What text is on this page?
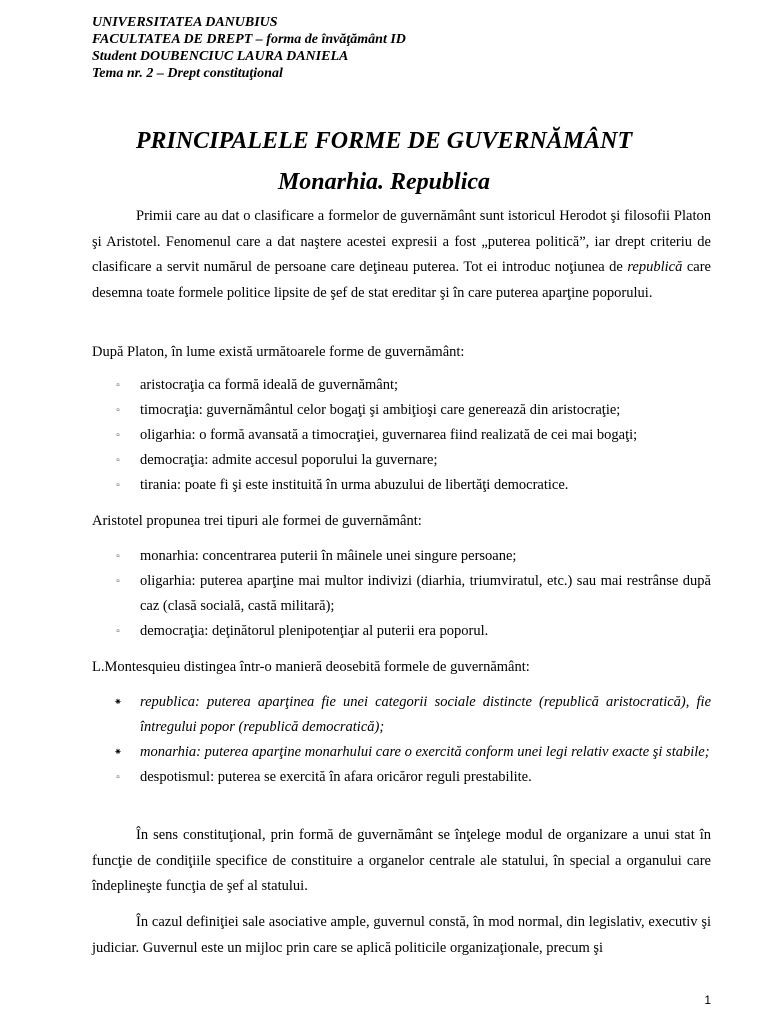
UNIVERSITATEA DANUBIUS
FACULTATEA DE DREPT – forma de învăţământ ID
Student DOUBENCIUC LAURA DANIELA
Tema nr. 2 – Drept constituţional
PRINCIPALELE FORME DE GUVERNĂMÂNT
Monarhia. Republica

Primii care au dat o clasificare a formelor de guvernământ sunt istoricul Herodot şi filosofii Platon şi Aristotel. Fenomenul care a dat naştere acestei expresii a fost „puterea politică”, iar drept criteriu de clasificare a servit numărul de persoane care deţineau puterea. Tot ei introduc noţiunea de republică care desemna toate formele politice lipsite de şef de stat ereditar şi în care puterea aparţine poporului.

După Platon, în lume există următoarele forme de guvernământ:

▫ aristocraţia ca formă ideală de guvernământ;
▫ timocraţia: guvernământul celor bogaţi şi ambiţioşi care generează din aristocraţie;
▫ oligarhia: o formă avansată a timocraţiei, guvernarea fiind realizată de cei mai bogaţi;
▫ democraţia: admite accesul poporului la guvernare;
▫ tirania: poate fi şi este instituită în urma abuzului de libertăţi democratice.

Aristotel propunea trei tipuri ale formei de guvernământ:

▫ monarhia: concentrarea puterii în mâinele unei singure persoane;
▫ oligarhia: puterea aparţine mai multor indivizi (diarhia, triumviratul, etc.) sau mai restrânse după caz (clasă socială, castă militară);
▫ democraţia: deţinătorul plenipotenţiar al puterii era poporul.

L.Montesquieu distingea într-o manieră deosebită formele de guvernământ:

⁕ republica: puterea aparţinea fie unei categorii sociale distincte (republică aristocratică), fie întregului popor (republică democratică);
⁕ monarhia: puterea aparţine monarhului care o exercită conform unei legi relativ exacte şi stabile;
▫ despotismul: puterea se exercită în afara oricăror reguli prestabilite.

În sens constituţional, prin formă de guvernământ se înţelege modul de organizare a unui stat în funcţie de condiţiile specifice de constituire a organelor centrale ale statului, în special a organului care îndeplineşte funcţia de şef al statului.

În cazul definiţiei sale asociative ample, guvernul constă, în mod normal, din legislativ, executiv şi judiciar. Guvernul este un mijloc prin care se aplică politicile organizaţionale, precum şi

1
